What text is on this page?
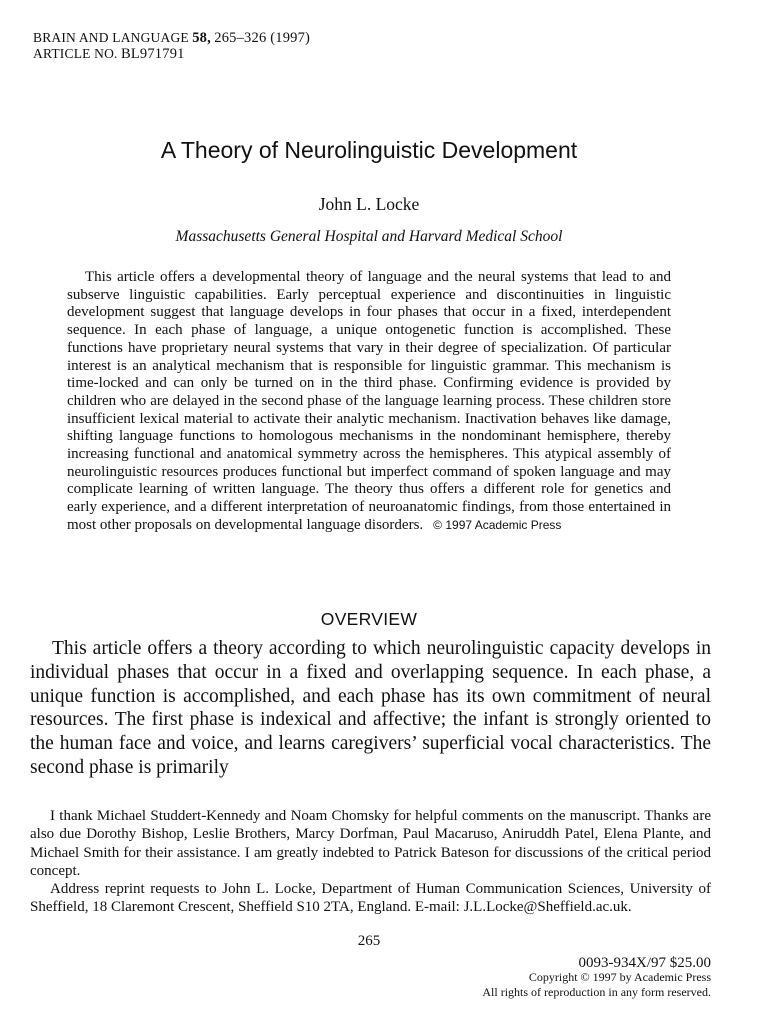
BRAIN AND LANGUAGE 58, 265–326 (1997)
ARTICLE NO. BL971791
A Theory of Neurolinguistic Development
John L. Locke
Massachusetts General Hospital and Harvard Medical School

This article offers a developmental theory of language and the neural systems that lead to and subserve linguistic capabilities. Early perceptual experience and discontinuities in linguistic development suggest that language develops in four phases that occur in a fixed, interdependent sequence. In each phase of language, a unique ontogenetic function is accomplished. These functions have proprietary neural systems that vary in their degree of specialization. Of particular interest is an analytical mechanism that is responsible for linguistic grammar. This mechanism is time-locked and can only be turned on in the third phase. Confirming evidence is provided by children who are delayed in the second phase of the language learning process. These children store insufficient lexical material to activate their analytic mechanism. Inactivation behaves like damage, shifting language functions to homologous mechanisms in the nondominant hemisphere, thereby increasing functional and anatomical symmetry across the hemispheres. This atypical assembly of neurolinguistic resources produces functional but imperfect command of spoken language and may complicate learning of written language. The theory thus offers a different role for genetics and early experience, and a different interpretation of neuroanatomic findings, from those entertained in most other proposals on developmental language disorders. © 1997 Academic Press

OVERVIEW

This article offers a theory according to which neurolinguistic capacity develops in individual phases that occur in a fixed and overlapping sequence. In each phase, a unique function is accomplished, and each phase has its own commitment of neural resources. The first phase is indexical and affective; the infant is strongly oriented to the human face and voice, and learns caregivers’ superficial vocal characteristics. The second phase is primarily

I thank Michael Studdert-Kennedy and Noam Chomsky for helpful comments on the manuscript. Thanks are also due Dorothy Bishop, Leslie Brothers, Marcy Dorfman, Paul Macaruso, Aniruddh Patel, Elena Plante, and Michael Smith for their assistance. I am greatly indebted to Patrick Bateson for discussions of the critical period concept.

Address reprint requests to John L. Locke, Department of Human Communication Sciences, University of Sheffield, 18 Claremont Crescent, Sheffield S10 2TA, England. E-mail: J.L.Locke@Sheffield.ac.uk.

265
0093-934X/97 $25.00
Copyright © 1997 by Academic Press
All rights of reproduction in any form reserved.
